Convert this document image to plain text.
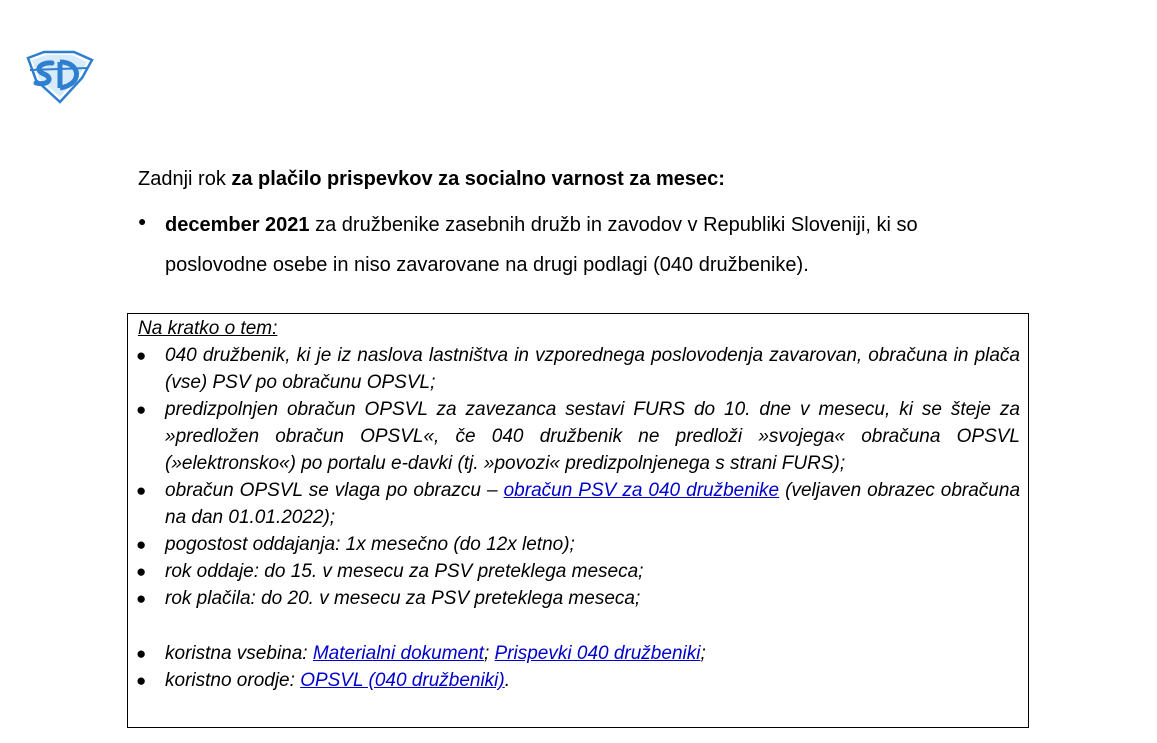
Zadnji rok za plačilo prispevkov za socialno varnost za mesec:
● december 2021 za družbenike zasebnih družb in zavodov v Republiki Sloveniji, ki so poslovodne osebe in niso zavarovane na drugi podlagi (040 družbenike).
Na kratko o tem:
● 040 družbenik, ki je iz naslova lastništva in vzporednega poslovodenja zavarovan, obračuna in plača (vse) PSV po obračunu OPSVL;
● predizpolnjen obračun OPSVL za zavezanca sestavi FURS do 10. dne v mesecu, ki se šteje za »predložen obračun OPSVL«, če 040 družbenik ne predloži »svojega« obračuna OPSVL (»elektronsko«) po portalu e-davki (tj. »povozi« predizpolnjenega s strani FURS);
● obračun OPSVL se vlaga po obrazcu – obračun PSV za 040 družbenike (veljaven obrazec obračuna na dan 01.01.2022);
● pogostost oddajanja: 1x mesečno (do 12x letno);
● rok oddaje: do 15. v mesecu za PSV preteklega meseca;
● rok plačila: do 20. v mesecu za PSV preteklega meseca;
● koristna vsebina: Materialni dokument; Prispevki 040 družbeniki;
● koristno orodje: OPSVL (040 družbeniki).
